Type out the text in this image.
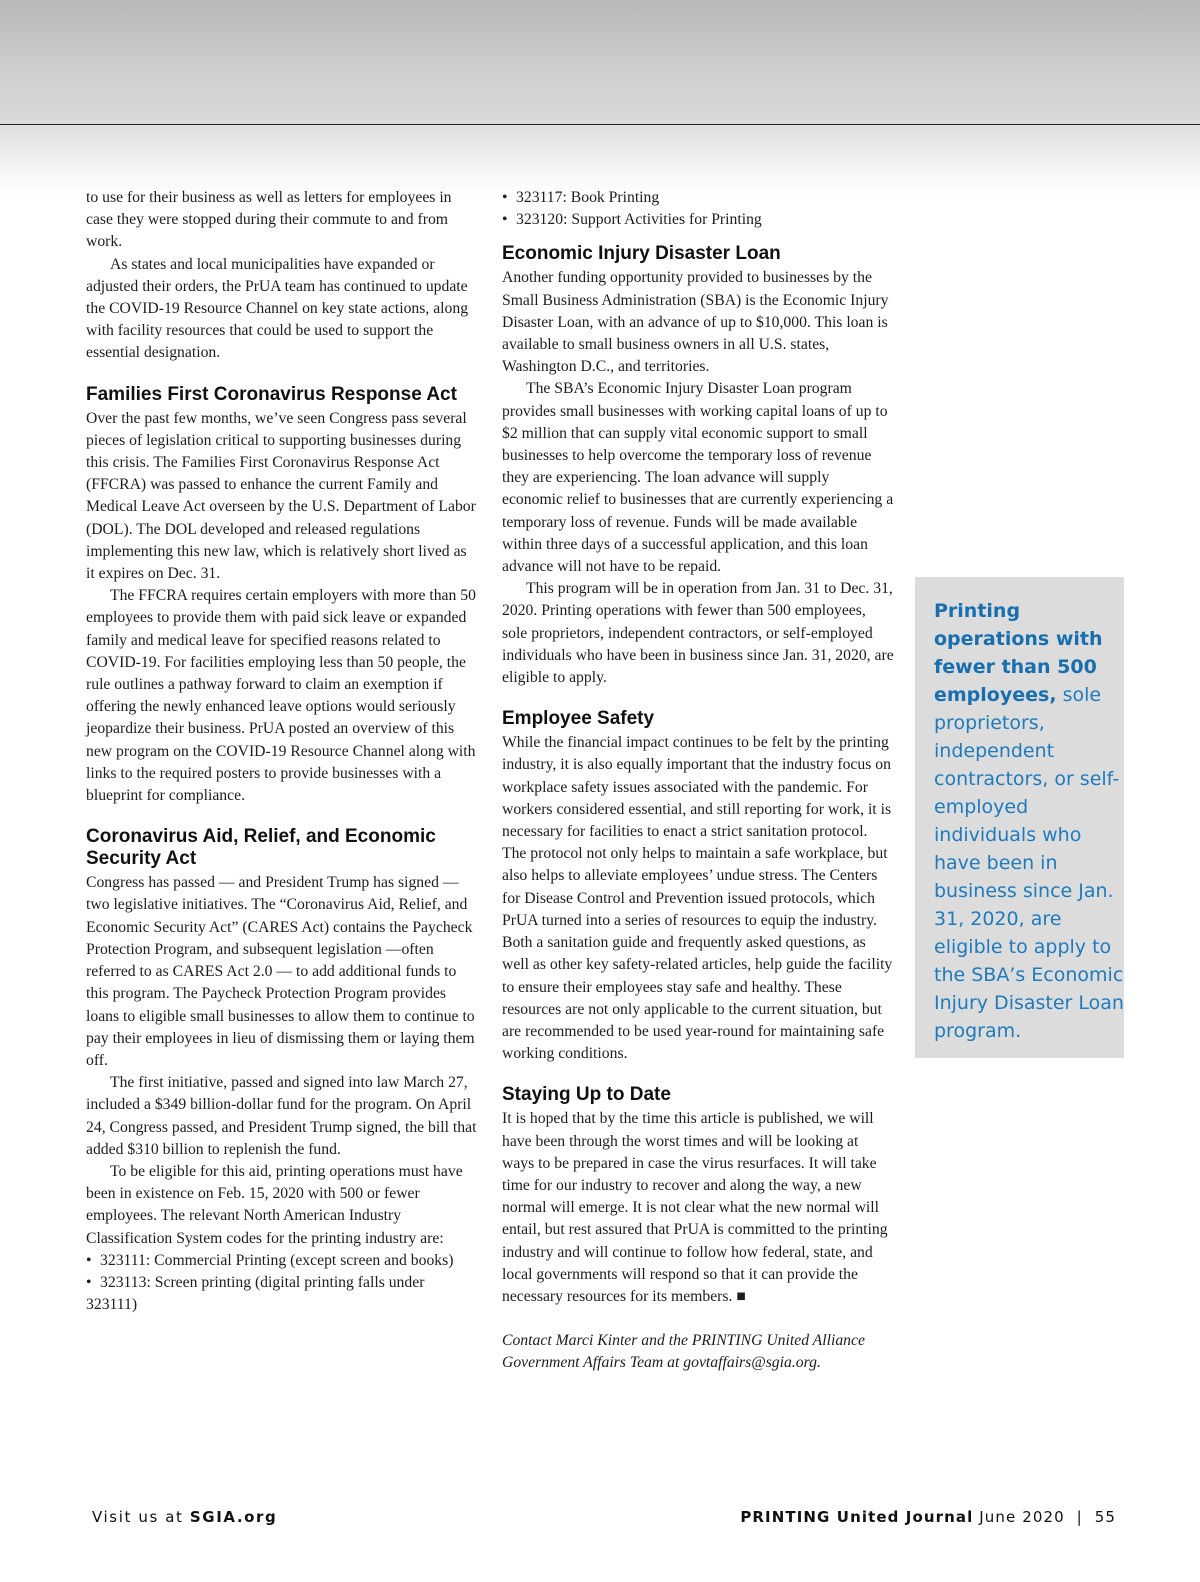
to use for their business as well as letters for employees in case they were stopped during their commute to and from work.

As states and local municipalities have expanded or adjusted their orders, the PrUA team has continued to update the COVID-19 Resource Channel on key state actions, along with facility resources that could be used to support the essential designation.

Families First Coronavirus Response Act

Over the past few months, we’ve seen Congress pass several pieces of legislation critical to supporting businesses during this crisis. The Families First Coronavirus Response Act (FFCRA) was passed to enhance the current Family and Medical Leave Act overseen by the U.S. Department of Labor (DOL). The DOL developed and released regulations implementing this new law, which is relatively short lived as it expires on Dec. 31.

The FFCRA requires certain employers with more than 50 employees to provide them with paid sick leave or expanded family and medical leave for specified reasons related to COVID-19. For facilities employing less than 50 people, the rule outlines a pathway forward to claim an exemption if offering the newly enhanced leave options would seriously jeopardize their business. PrUA posted an overview of this new program on the COVID-19 Resource Channel along with links to the required posters to provide businesses with a blueprint for compliance.

Coronavirus Aid, Relief, and Economic Security Act

Congress has passed — and President Trump has signed — two legislative initiatives. The “Coronavirus Aid, Relief, and Economic Security Act” (CARES Act) contains the Paycheck Protection Program, and subsequent legislation —often referred to as CARES Act 2.0 — to add additional funds to this program. The Paycheck Protection Program provides loans to eligible small businesses to allow them to continue to pay their employees in lieu of dismissing them or laying them off.

The first initiative, passed and signed into law March 27, included a $349 billion-dollar fund for the program. On April 24, Congress passed, and President Trump signed, the bill that added $310 billion to replenish the fund.

To be eligible for this aid, printing operations must have been in existence on Feb. 15, 2020 with 500 or fewer employees. The relevant North American Industry Classification System codes for the printing industry are:

• 323111: Commercial Printing (except screen and books)
• 323113: Screen printing (digital printing falls under 323111)
• 323117: Book Printing
• 323120: Support Activities for Printing
Economic Injury Disaster Loan

Another funding opportunity provided to businesses by the Small Business Administration (SBA) is the Economic Injury Disaster Loan, with an advance of up to $10,000. This loan is available to small business owners in all U.S. states, Washington D.C., and territories.

The SBA’s Economic Injury Disaster Loan program provides small businesses with working capital loans of up to $2 million that can supply vital economic support to small businesses to help overcome the temporary loss of revenue they are experiencing. The loan advance will supply economic relief to businesses that are currently experiencing a temporary loss of revenue. Funds will be made available within three days of a successful application, and this loan advance will not have to be repaid.

This program will be in operation from Jan. 31 to Dec. 31, 2020. Printing operations with fewer than 500 employees, sole proprietors, independent contractors, or self-employed individuals who have been in business since Jan. 31, 2020, are eligible to apply.

Employee Safety

While the financial impact continues to be felt by the printing industry, it is also equally important that the industry focus on workplace safety issues associated with the pandemic. For workers considered essential, and still reporting for work, it is necessary for facilities to enact a strict sanitation protocol. The protocol not only helps to maintain a safe workplace, but also helps to alleviate employees’ undue stress. The Centers for Disease Control and Prevention issued protocols, which PrUA turned into a series of resources to equip the industry. Both a sanitation guide and frequently asked questions, as well as other key safety-related articles, help guide the facility to ensure their employees stay safe and healthy. These resources are not only applicable to the current situation, but are recommended to be used year-round for maintaining safe working conditions.

Staying Up to Date

It is hoped that by the time this article is published, we will have been through the worst times and will be looking at ways to be prepared in case the virus resurfaces. It will take time for our industry to recover and along the way, a new normal will emerge. It is not clear what the new normal will entail, but rest assured that PrUA is committed to the printing industry and will continue to follow how federal, state, and local governments will respond so that it can provide the necessary resources for its members. ■

Contact Marci Kinter and the PRINTING United Alliance Government Affairs Team at govtaffairs@sgia.org.

Printing operations with fewer than 500 employees, sole proprietors, independent contractors, or self-employed individuals who have been in business since Jan. 31, 2020, are eligible to apply to the SBA’s Economic Injury Disaster Loan program.
Visit us at SGIA.org	PRINTING United Journal June 2020 | 55
